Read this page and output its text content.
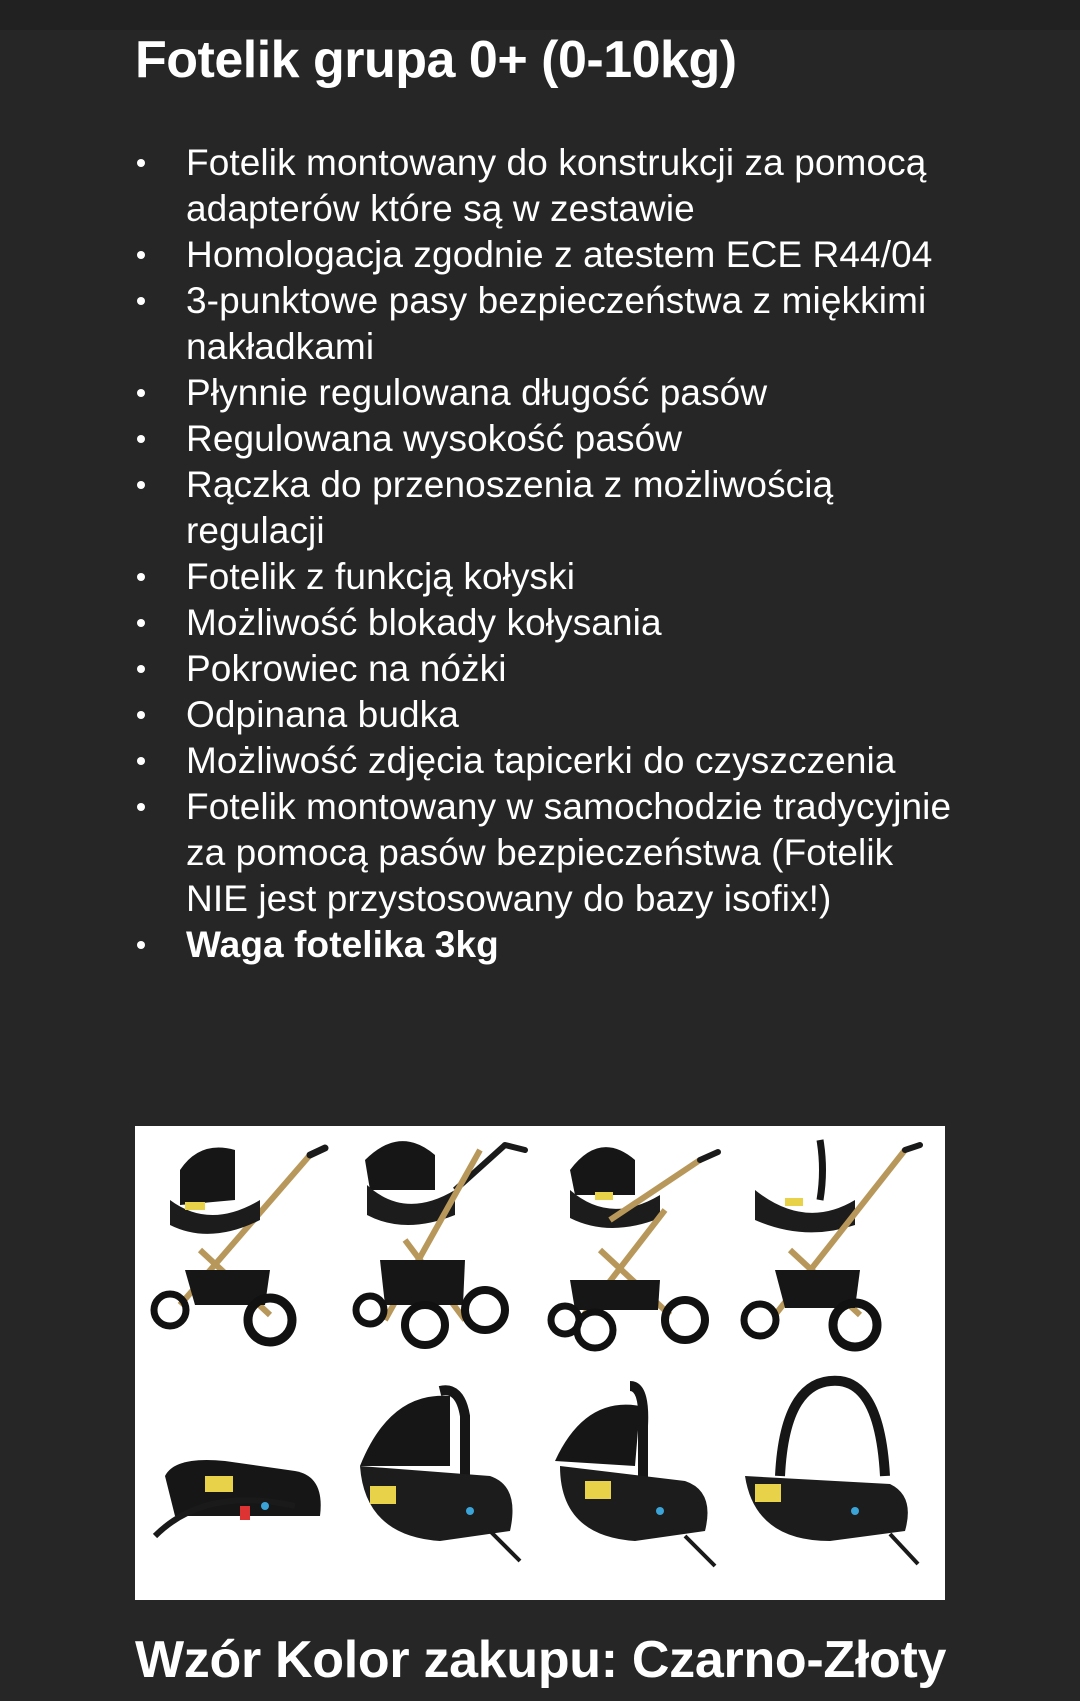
Fotelik grupa 0+ (0-10kg)
Fotelik montowany do konstrukcji za pomocą adapterów które są w zestawie
Homologacja zgodnie z atestem ECE R44/04
3-punktowe pasy bezpieczeństwa z miękkimi nakładkami
Płynnie regulowana długość pasów
Regulowana wysokość pasów
Rączka do przenoszenia z możliwością regulacji
Fotelik z funkcją kołyski
Możliwość blokady kołysania
Pokrowiec na nóżki
Odpinana budka
Możliwość zdjęcia tapicerki do czyszczenia
Fotelik montowany w samochodzie tradycyjnie za pomocą pasów bezpieczeństwa (Fotelik NIE jest przystosowany do bazy isofix!)
Waga fotelika 3kg
Wzór Kolor zakupu: Czarno-Złoty
